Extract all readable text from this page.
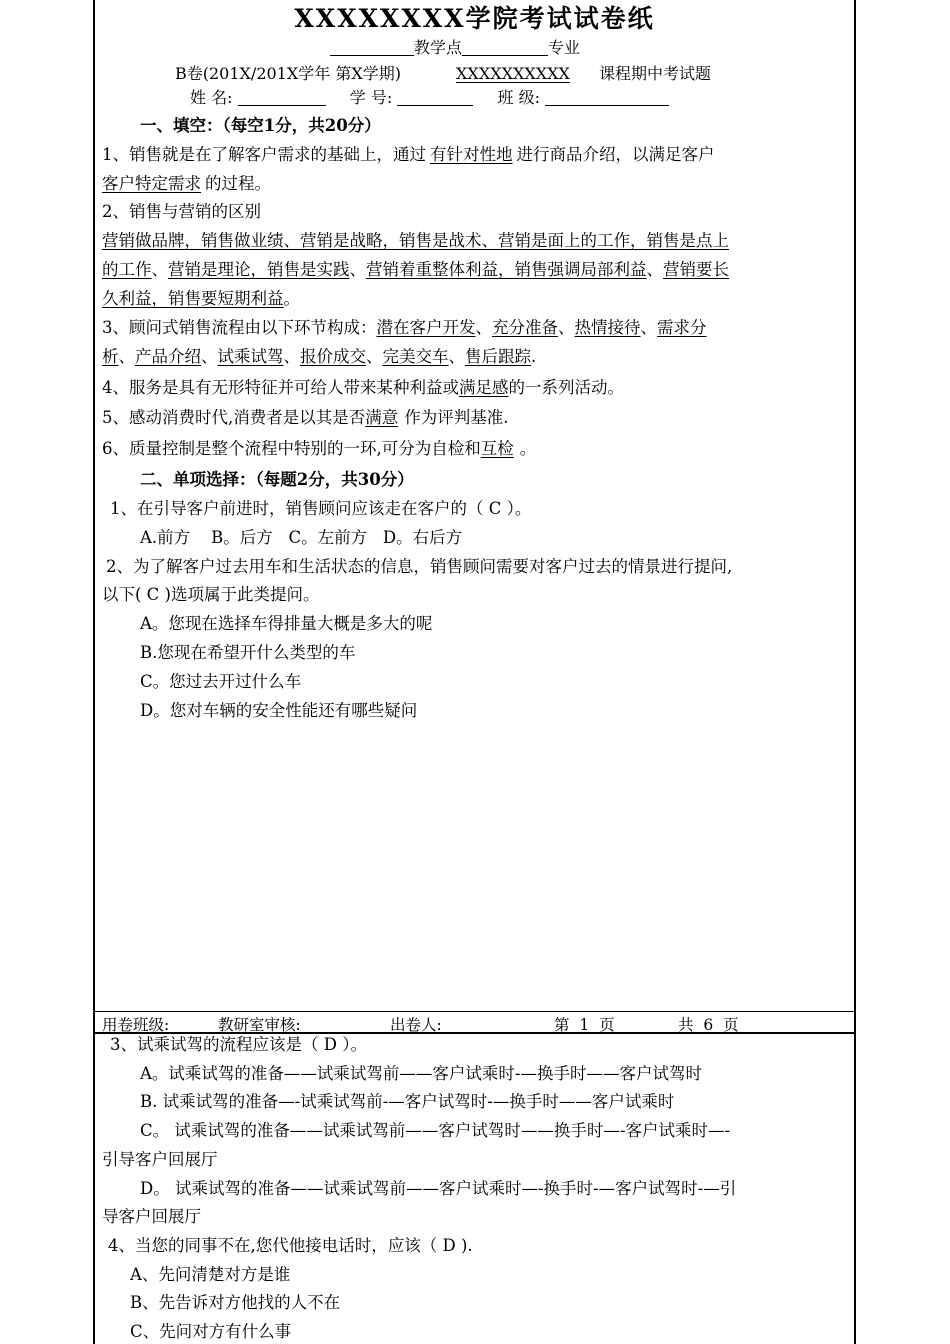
XXXXXXXX学院考试试卷纸
教学点	专业
B卷(201X/201X学年 第X学期)	XXXXXXXXXX 课程期中考试题
姓 名:	学 号:	班 级:
一、填空：（每空1分，共20分）
1、销售就是在了解客户需求的基础上，通过 有针对性地 进行商品介绍，以满足客户
客户特定需求 的过程。
2、销售与营销的区别
营销做品牌，销售做业绩、营销是战略，销售是战术、营销是面上的工作，销售是点上
的工作、营销是理论，销售是实践、营销着重整体利益，销售强调局部利益、营销要长
久利益，销售要短期利益。
3、顾问式销售流程由以下环节构成：潜在客户开发、充分准备、热情接待、需求分
析、产品介绍、试乘试驾、报价成交、完美交车、售后跟踪.
4、服务是具有无形特征并可给人带来某种利益或满足感的一系列活动。
5、感动消费时代,消费者是以其是否满意 作为评判基准.
6、质量控制是整个流程中特别的一环,可分为自检和互检 。
二、单项选择：（每题2分，共30分）
1、在引导客户前进时，销售顾问应该走在客户的（ C ）。
A.前方    B。后方   C。左前方   D。右后方
2、为了解客户过去用车和生活状态的信息，销售顾问需要对客户过去的情景进行提问,
以下( C )选项属于此类提问。
A。您现在选择车得排量大概是多大的呢
B.您现在希望开什么类型的车
C。您过去开过什么车
D。您对车辆的安全性能还有哪些疑问
用卷班级:	教研室审核:	出卷人:	第  1  页	共  6  页
3、试乘试驾的流程应该是（ D ）。
A。试乘试驾的准备——试乘试驾前——客户试乘时-—换手时——客户试驾时
B. 试乘试驾的准备—-试乘试驾前-—客户试驾时-—换手时——客户试乘时
C。 试乘试驾的准备——试乘试驾前——客户试驾时——换手时—-客户试乘时—-
引导客户回展厅
D。 试乘试驾的准备——试乘试驾前——客户试乘时—-换手时-—客户试驾时-—引
导客户回展厅
4、当您的同事不在,您代他接电话时，应该（ D ).
A、先问清楚对方是谁
B、先告诉对方他找的人不在
C、先问对方有什么事
